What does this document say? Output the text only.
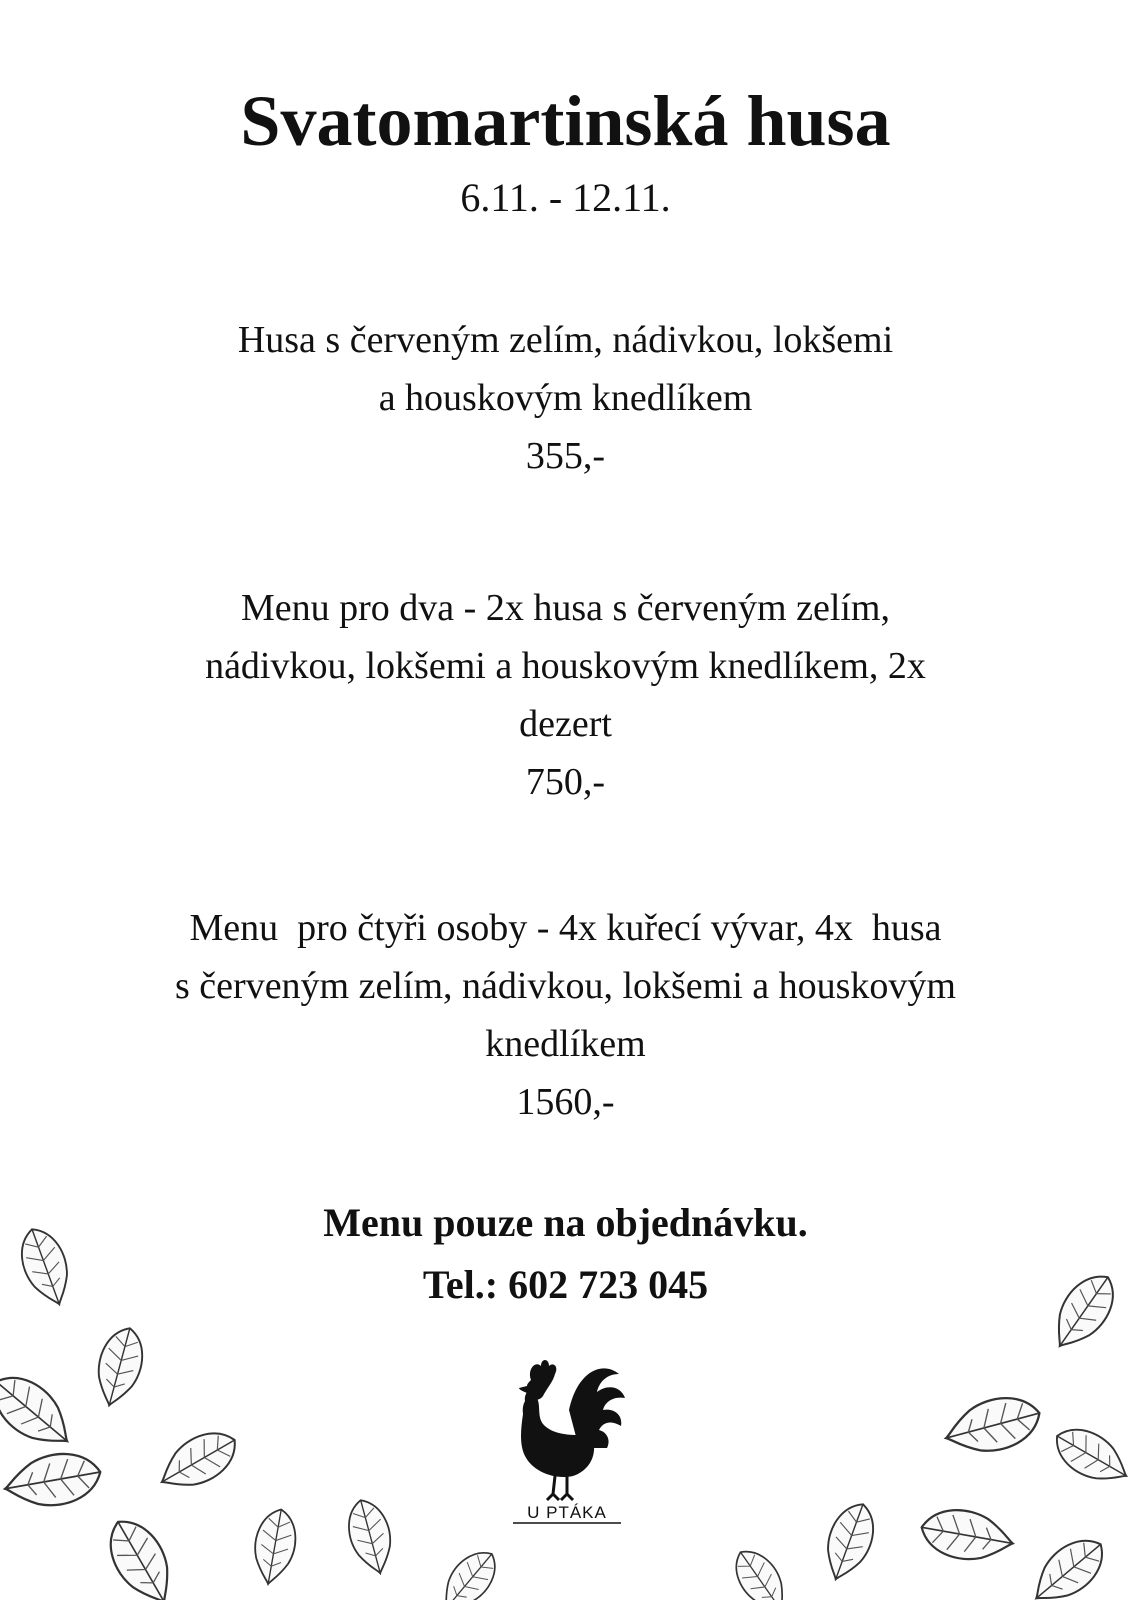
Svatomartinská husa
6.11. - 12.11.
Husa s červeným zelím, nádivkou, lokšemi
a houskovým knedlíkem
355,-
Menu pro dva - 2x husa s červeným zelím,
nádivkou, lokšemi a houskovým knedlíkem, 2x
dezert
750,-
Menu  pro čtyři osoby - 4x kuřecí vývar, 4x  husa
s červeným zelím, nádivkou, lokšemi a houskovým
knedlíkem
1560,-
Menu pouze na objednávku.
Tel.: 602 723 045
U PTÁKA
